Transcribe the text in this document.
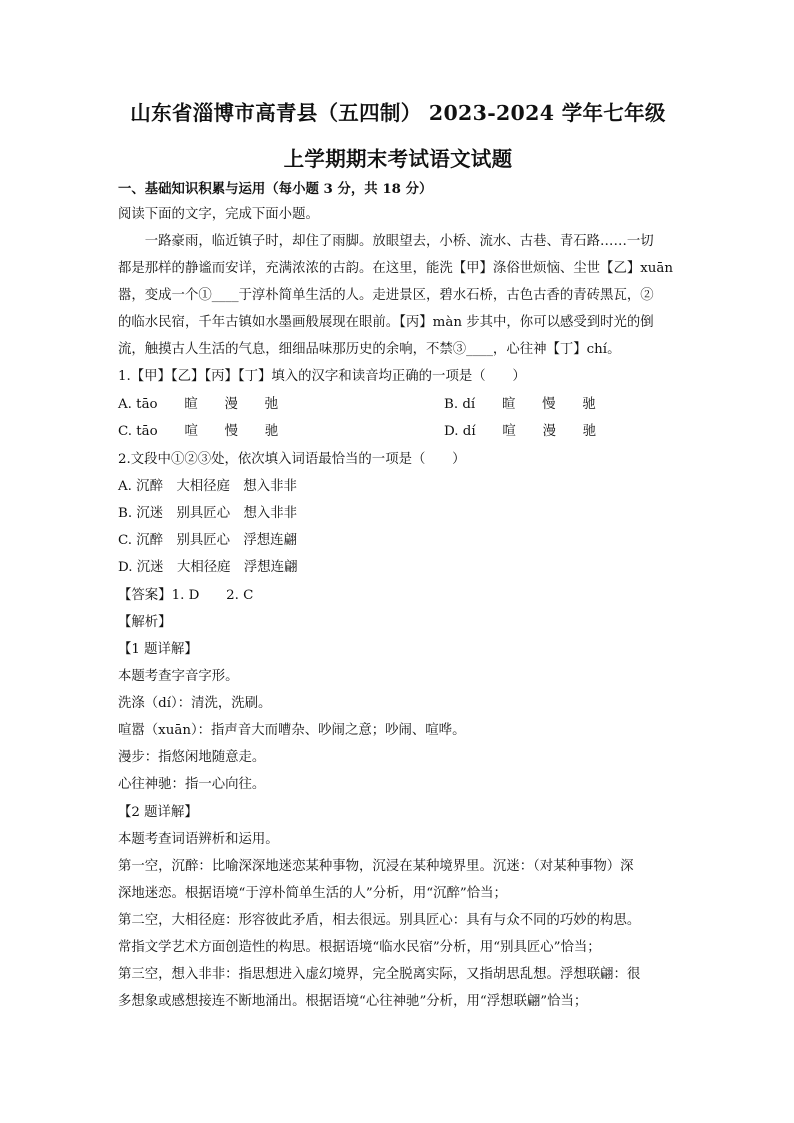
山东省淄博市高青县（五四制） 2023-2024 学年七年级
上学期期末考试语文试题
一、基础知识积累与运用（每小题 3 分，共 18 分）
阅读下面的文字，完成下面小题。
　　一路豪雨，临近镇子时，却住了雨脚。放眼望去，小桥、流水、古巷、青石路……一切
都是那样的静谧而安详，充满浓浓的古韵。在这里，能洗【甲】涤俗世烦恼、尘世【乙】xuān
嚣，变成一个①____于淳朴简单生活的人。走进景区，碧水石桥，古色古香的青砖黑瓦，②
的临水民宿，千年古镇如水墨画般展现在眼前。【丙】màn 步其中，你可以感受到时光的倒
流，触摸古人生活的气息，细细品味那历史的余响，不禁③____，心往神【丁】chí。
1.【甲】【乙】【丙】【丁】填入的汉字和读音均正确的一项是（　　）
A. tāo　　暄　　漫　　弛	B. dí　　暄　　慢　　驰
C. tāo　　喧　　慢　　驰	D. dí　　喧　　漫　　驰
2.文段中①②③处，依次填入词语最恰当的一项是（　　）
A. 沉醉　大相径庭　想入非非
B. 沉迷　别具匠心　想入非非
C. 沉醉　别具匠心　浮想连翩
D. 沉迷　大相径庭　浮想连翩
【答案】1. D　　2. C
【解析】
【1 题详解】
本题考查字音字形。
洗涤（dí）：清洗，洗刷。
喧嚣（xuān）：指声音大而嘈杂、吵闹之意；吵闹、喧哗。
漫步：指悠闲地随意走。
心往神驰：指一心向往。
【2 题详解】
本题考查词语辨析和运用。
第一空，沉醉：比喻深深地迷恋某种事物，沉浸在某种境界里。沉迷：（对某种事物）深
深地迷恋。根据语境“于淳朴简单生活的人”分析，用“沉醉”恰当；
第二空，大相径庭：形容彼此矛盾，相去很远。别具匠心：具有与众不同的巧妙的构思。
常指文学艺术方面创造性的构思。根据语境“临水民宿”分析，用“别具匠心”恰当；
第三空，想入非非：指思想进入虚幻境界，完全脱离实际，又指胡思乱想。浮想联翩：很
多想象或感想接连不断地涌出。根据语境“心往神驰”分析，用“浮想联翩”恰当；
